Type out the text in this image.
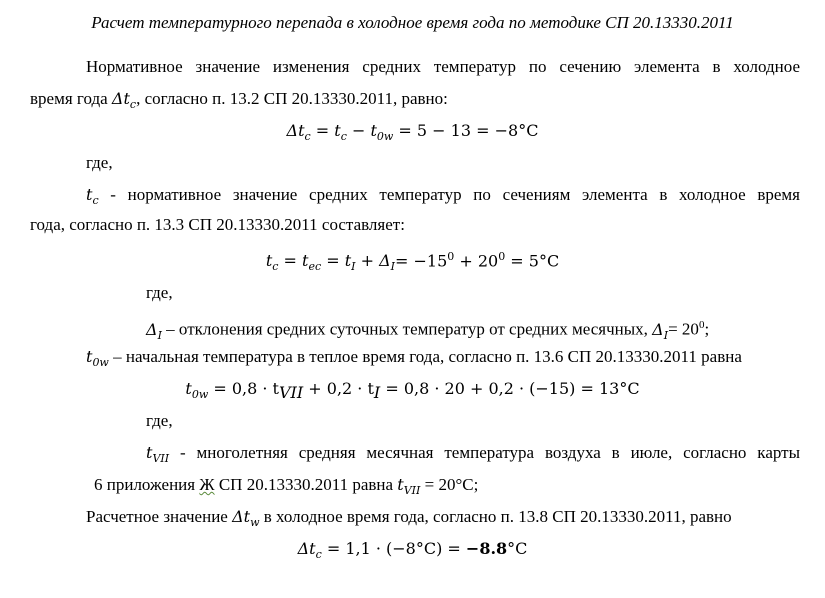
Расчет температурного перепада в холодное время года по методике СП 20.13330.2011
Нормативное значение изменения средних температур по сечению элемента в холодное
время года $\Delta t_c$, согласно п. 13.2 СП 20.13330.2011, равно:
$\Delta t_c = t_c - t_{0w} = 5 - 13 = -8^\circ C$
где,
$t_c$ - нормативное значение средних температур по сечениям элемента в холодное время
года, согласно п. 13.3 СП 20.13330.2011 составляет:
$t_c = t_{ec} = t_I + \Delta_I= -15^0 + 20^0 = 5^\circ C$
где,
$\Delta_I$ – отклонения средних суточных температур от средних месячных, $\Delta_I= 20^0$;
$t_{0w}$ – начальная температура в теплое время года, согласно п. 13.6 СП 20.13330.2011 равна
$t_{0w} = 0,8 \cdot t_{VII} + 0,2 \cdot t_I = 0,8 \cdot 20 + 0,2 \cdot (-15) = 13^\circ C$
где,
$t_{VII}$ - многолетняя средняя месячная температура воздуха в июле, согласно карты
6 приложения Ж СП 20.13330.2011 равна $t_{VII} = 20^\circ C$;
Расчетное значение $\Delta t_w$ в холодное время года, согласно п. 13.8 СП 20.13330.2011, равно
$\Delta t_c = 1,1 \cdot (-8^\circ C) = -8.8^\circ C$
